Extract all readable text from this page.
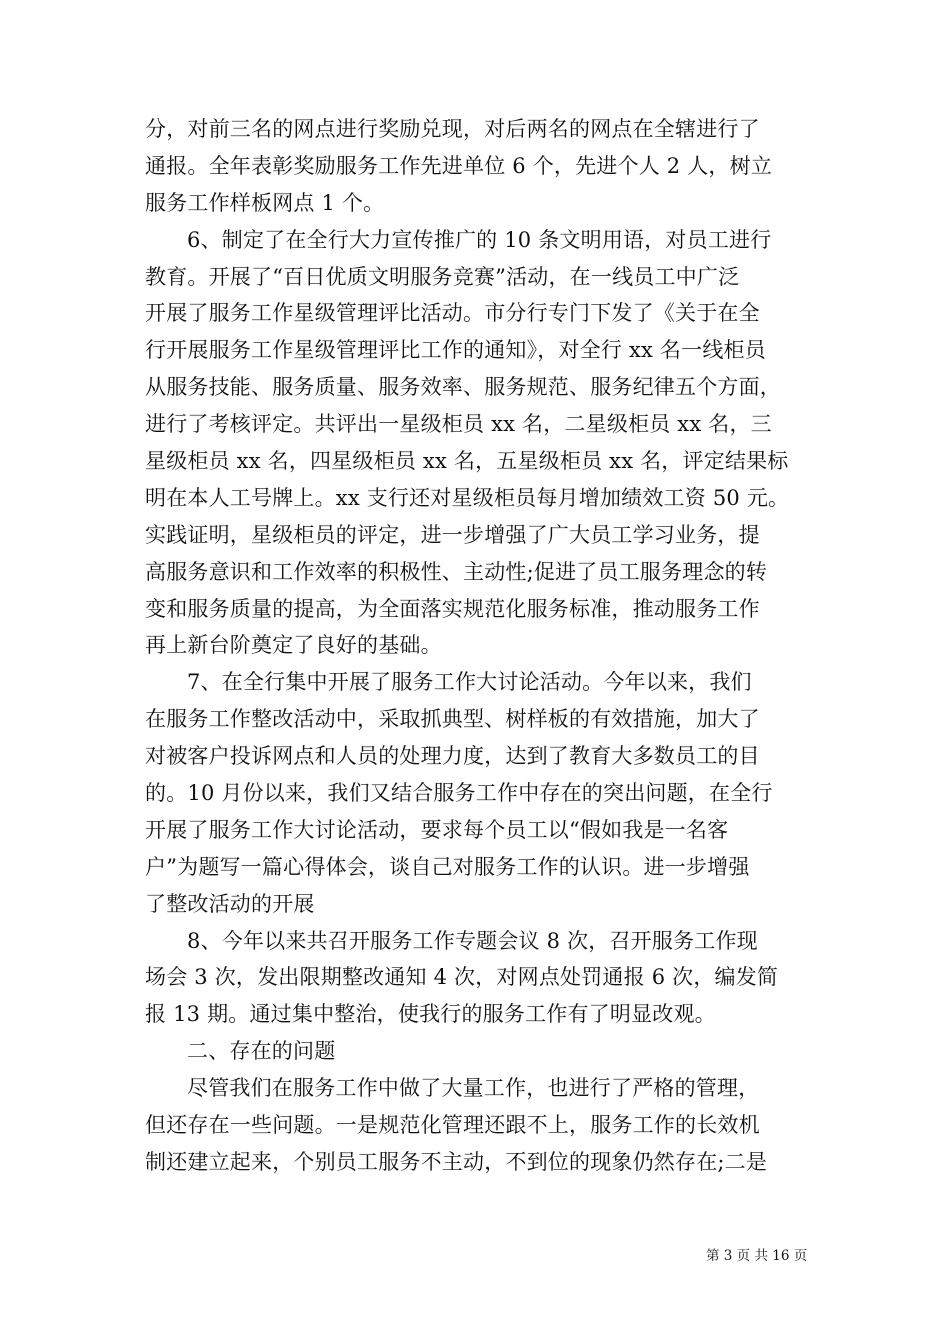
分，对前三名的网点进行奖励兑现，对后两名的网点在全辖进行了
通报。全年表彰奖励服务工作先进单位 6 个，先进个人 2 人，树立
服务工作样板网点 1 个。
6、制定了在全行大力宣传推广的 10 条文明用语，对员工进行
教育。开展了“百日优质文明服务竞赛”活动，在一线员工中广泛
开展了服务工作星级管理评比活动。市分行专门下发了《关于在全
行开展服务工作星级管理评比工作的通知》，对全行 xx 名一线柜员
从服务技能、服务质量、服务效率、服务规范、服务纪律五个方面，
进行了考核评定。共评出一星级柜员 xx 名，二星级柜员 xx 名，三
星级柜员 xx 名，四星级柜员 xx 名，五星级柜员 xx 名，评定结果标
明在本人工号牌上。xx 支行还对星级柜员每月增加绩效工资 50 元。
实践证明，星级柜员的评定，进一步增强了广大员工学习业务，提
高服务意识和工作效率的积极性、主动性;促进了员工服务理念的转
变和服务质量的提高，为全面落实规范化服务标准，推动服务工作
再上新台阶奠定了良好的基础。
7、在全行集中开展了服务工作大讨论活动。今年以来，我们
在服务工作整改活动中，采取抓典型、树样板的有效措施，加大了
对被客户投诉网点和人员的处理力度，达到了教育大多数员工的目
的。10 月份以来，我们又结合服务工作中存在的突出问题，在全行
开展了服务工作大讨论活动，要求每个员工以“假如我是一名客
户”为题写一篇心得体会，谈自己对服务工作的认识。进一步增强
了整改活动的开展
8、今年以来共召开服务工作专题会议 8 次，召开服务工作现
场会 3 次，发出限期整改通知 4 次，对网点处罚通报 6 次，编发简
报 13 期。通过集中整治，使我行的服务工作有了明显改观。
二、存在的问题
尽管我们在服务工作中做了大量工作，也进行了严格的管理，
但还存在一些问题。一是规范化管理还跟不上，服务工作的长效机
制还建立起来，个别员工服务不主动，不到位的现象仍然存在;二是
第 3 页 共 16 页
